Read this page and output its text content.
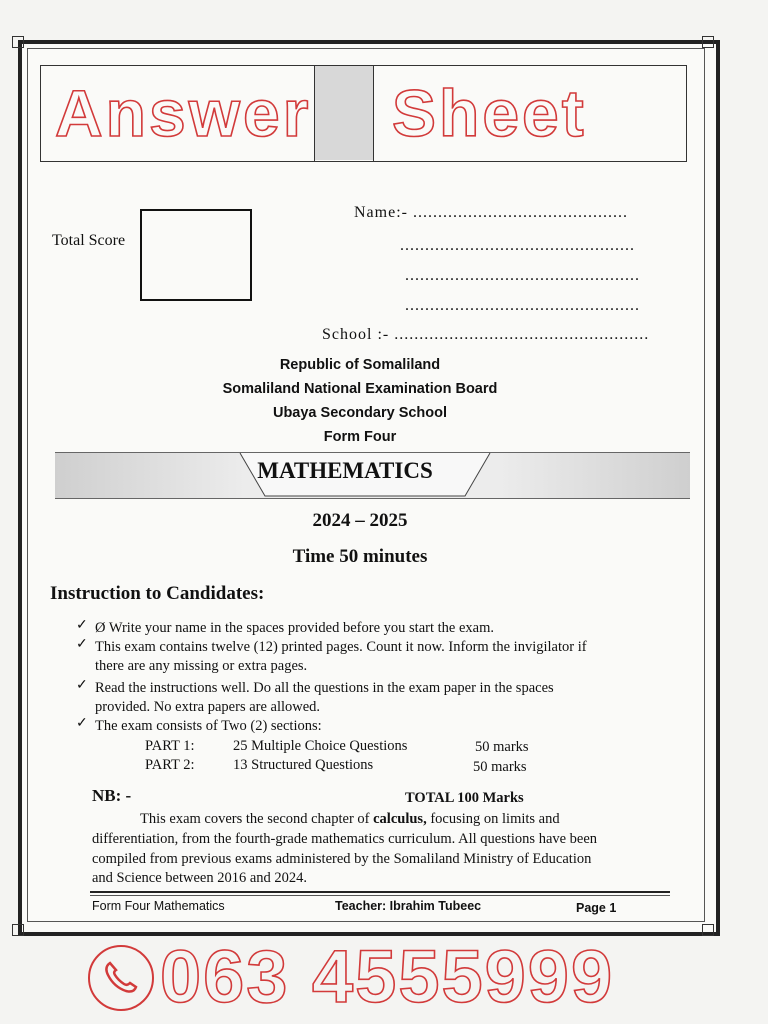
Answer Sheet
Total Score
Name:- ...........................................
...............................................
...............................................
...............................................
School :- ...................................................
Republic of Somaliland
Somaliland National Examination Board
Ubaya Secondary School
Form Four
MATHEMATICS
2024 – 2025
Time 50 minutes
Instruction to Candidates:
✓ Ø Write your name in the spaces provided before you start the exam.
✓ This exam contains twelve (12) printed pages. Count it now. Inform the invigilator if
there are any missing or extra pages.
✓ Read the instructions well. Do all the questions in the exam paper in the spaces
provided. No extra papers are allowed.
✓ The exam consists of Two (2) sections:
PART 1:	25 Multiple Choice Questions	50 marks
PART 2:	13 Structured Questions	50 marks
NB: -	TOTAL 100 Marks
This exam covers the second chapter of calculus, focusing on limits and
differentiation, from the fourth-grade mathematics curriculum. All questions have been
compiled from previous exams administered by the Somaliland Ministry of Education
and Science between 2016 and 2024.
Form Four Mathematics	Teacher: Ibrahim Tubeec	Page 1
063 4555999
